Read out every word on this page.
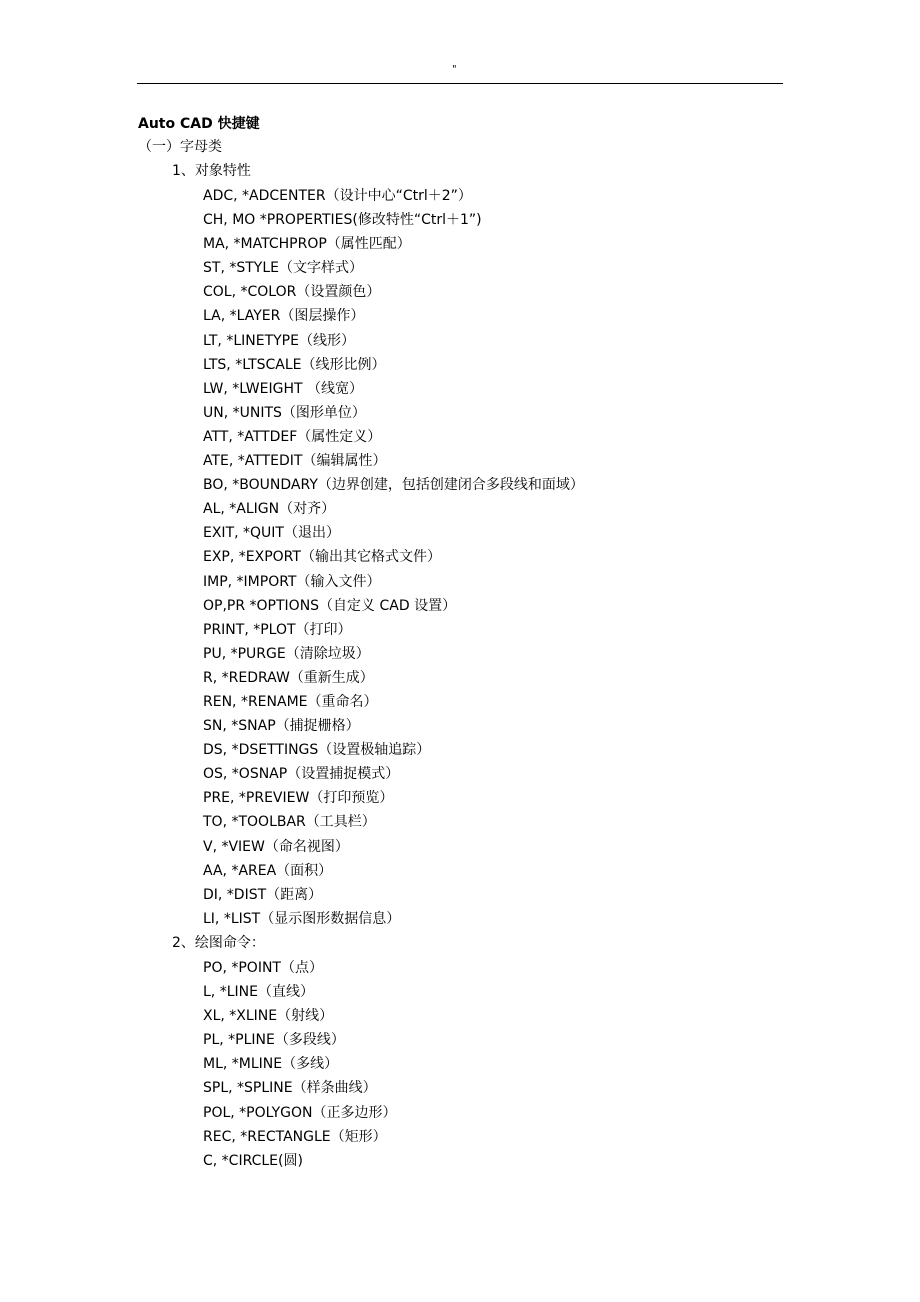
"
Auto CAD 快捷键
（一）字母类
1、对象特性
ADC, *ADCENTER（设计中心“Ctrl＋2”）
CH, MO *PROPERTIES(修改特性“Ctrl＋1”)
MA, *MATCHPROP（属性匹配）
ST, *STYLE（文字样式）
COL, *COLOR（设置颜色）
LA, *LAYER（图层操作）
LT, *LINETYPE（线形）
LTS, *LTSCALE（线形比例）
LW, *LWEIGHT （线宽）
UN, *UNITS（图形单位）
ATT, *ATTDEF（属性定义）
ATE, *ATTEDIT（编辑属性）
BO, *BOUNDARY（边界创建，包括创建闭合多段线和面域）
AL, *ALIGN（对齐）
EXIT, *QUIT（退出）
EXP, *EXPORT（输出其它格式文件）
IMP, *IMPORT（输入文件）
OP,PR *OPTIONS（自定义 CAD 设置）
PRINT, *PLOT（打印）
PU, *PURGE（清除垃圾）
R, *REDRAW（重新生成）
REN, *RENAME（重命名）
SN, *SNAP（捕捉栅格）
DS, *DSETTINGS（设置极轴追踪）
OS, *OSNAP（设置捕捉模式）
PRE, *PREVIEW（打印预览）
TO, *TOOLBAR（工具栏）
V, *VIEW（命名视图）
AA, *AREA（面积）
DI, *DIST（距离）
LI, *LIST（显示图形数据信息）
2、绘图命令：
PO, *POINT（点）
L, *LINE（直线）
XL, *XLINE（射线）
PL, *PLINE（多段线）
ML, *MLINE（多线）
SPL, *SPLINE（样条曲线）
POL, *POLYGON（正多边形）
REC, *RECTANGLE（矩形）
C, *CIRCLE(圆)
